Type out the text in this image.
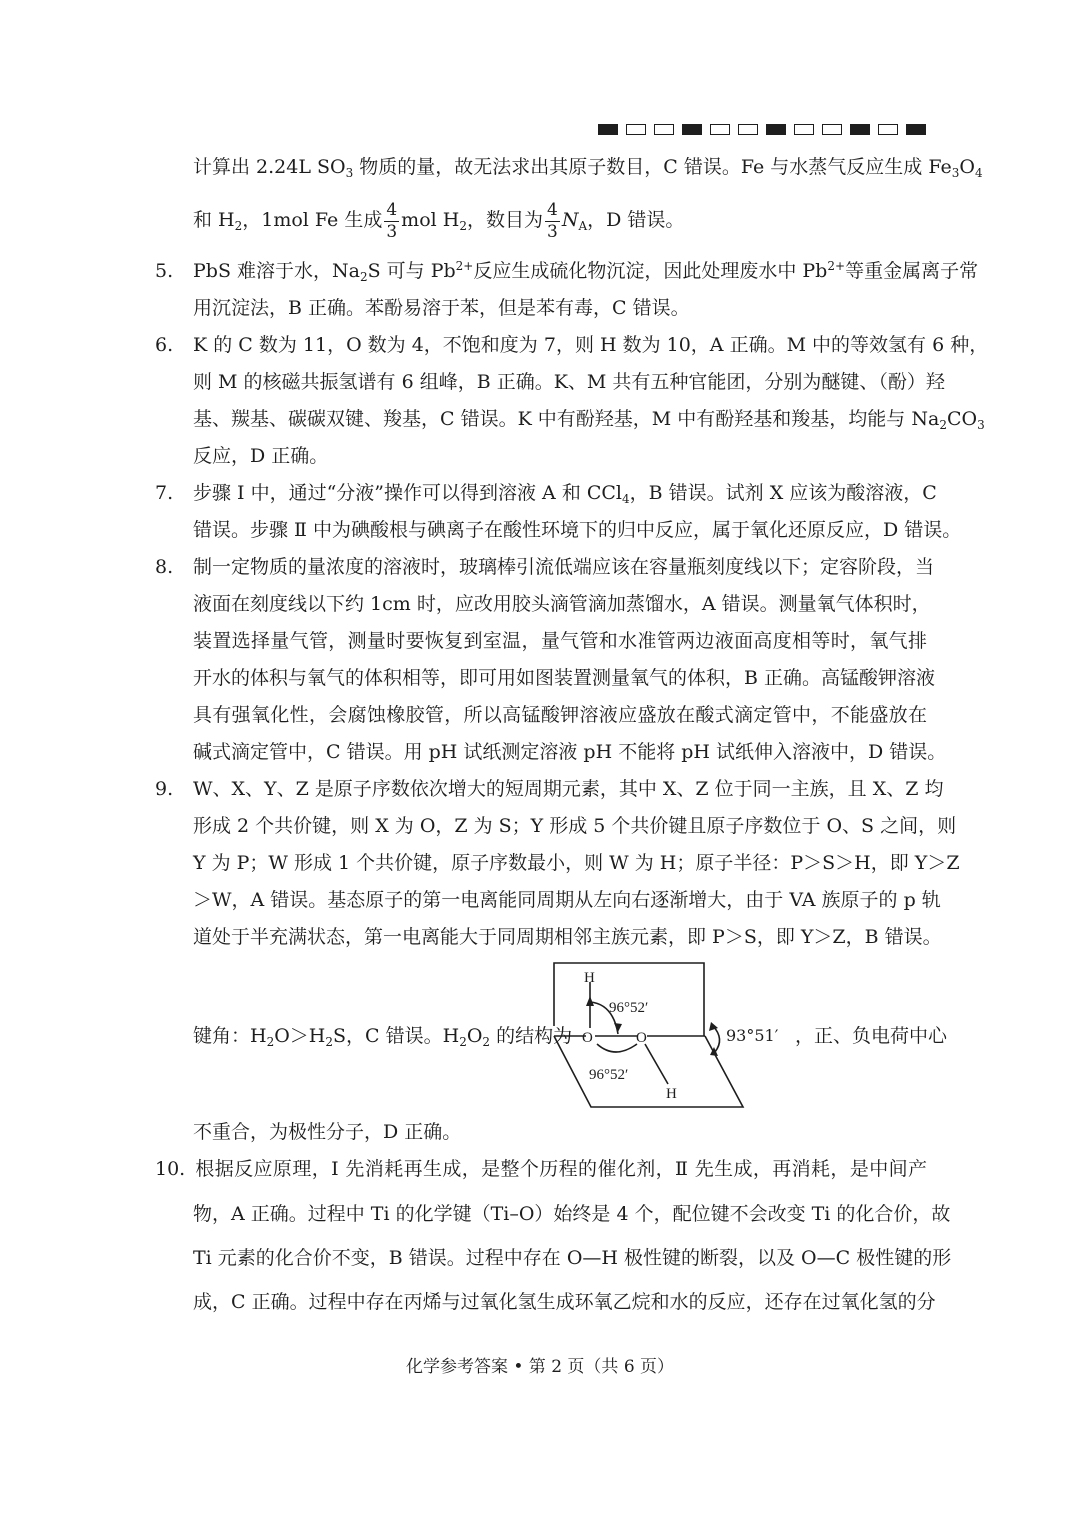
计算出 2.24L $SO_3$ 物质的量，故无法求出其原子数目，C 错误。Fe 与水蒸气反应生成 $Fe_3O_4$
和 $H_2$，1mol Fe 生成 $\frac{4}{3}$ mol $H_2$，数目为 $\frac{4}{3} N_A$，D 错误。
5. PbS 难溶于水，$Na_2S$ 可与 $Pb^{2+}$反应生成硫化物沉淀，因此处理废水中 $Pb^{2+}$等重金属离子常
用沉淀法，B 正确。苯酚易溶于苯，但是苯有毒，C 错误。
6. K 的 C 数为 11，O 数为 4，不饱和度为 7，则 H 数为 10，A 正确。M 中的等效氢有 6 种，
则 M 的核磁共振氢谱有 6 组峰，B 正确。K、M 共有五种官能团，分别为醚键、（酚）羟
基、羰基、碳碳双键、羧基，C 错误。K 中有酚羟基，M 中有酚羟基和羧基，均能与 $Na_2CO_3$
反应，D 正确。
7. 步骤 Ⅰ 中，通过“分液”操作可以得到溶液 A 和 CCl$_4$，B 错误。试剂 X 应该为酸溶液，C
错误。步骤 Ⅱ 中为碘酸根与碘离子在酸性环境下的归中反应，属于氧化还原反应，D 错误。
8. 制一定物质的量浓度的溶液时，玻璃棒引流低端应该在容量瓶刻度线以下；定容阶段，当
液面在刻度线以下约 1cm 时，应改用胶头滴管滴加蒸馏水，A 错误。测量氧气体积时，
装置选择量气管，测量时要恢复到室温，量气管和水准管两边液面高度相等时，氧气排
开水的体积与氧气的体积相等，即可用如图装置测量氧气的体积，B 正确。高锰酸钾溶液
具有强氧化性，会腐蚀橡胶管，所以高锰酸钾溶液应盛放在酸式滴定管中，不能盛放在
碱式滴定管中，C 错误。用 pH 试纸测定溶液 pH 不能将 pH 试纸伸入溶液中，D 错误。
9. W、X、Y、Z 是原子序数依次增大的短周期元素，其中 X、Z 位于同一主族，且 X、Z 均
形成 2 个共价键，则 X 为 O，Z 为 S；Y 形成 5 个共价键且原子序数位于 O、S 之间，则
Y 为 P；W 形成 1 个共价键，原子序数最小，则 W 为 H；原子半径：P＞S＞H，即 Y＞Z
＞W，A 错误。基态原子的第一电离能同周期从左向右逐渐增大，由于 VA 族原子的 p 轨
道处于半充满状态，第一电离能大于同周期相邻主族元素，即 P＞S，即 Y＞Z，B 错误。
键角：$H_2O>H_2S$，C 错误。$H_2O_2$ 的结构为	，正、负电荷中心
H
O	O
H
96°52′
96°52′
93°51′
不重合，为极性分子，D 正确。
10. 根据反应原理，Ⅰ 先消耗再生成，是整个历程的催化剂，Ⅱ 先生成，再消耗，是中间产
物，A 正确。过程中 Ti 的化学键（Ti–O）始终是 4 个，配位键不会改变 Ti 的化合价，故
Ti 元素的化合价不变，B 错误。过程中存在 O—H 极性键的断裂，以及 O—C 极性键的形
成，C 正确。过程中存在丙烯与过氧化氢生成环氧乙烷和水的反应，还存在过氧化氢的分
化学参考答案 • 第 2 页（共 6 页）
